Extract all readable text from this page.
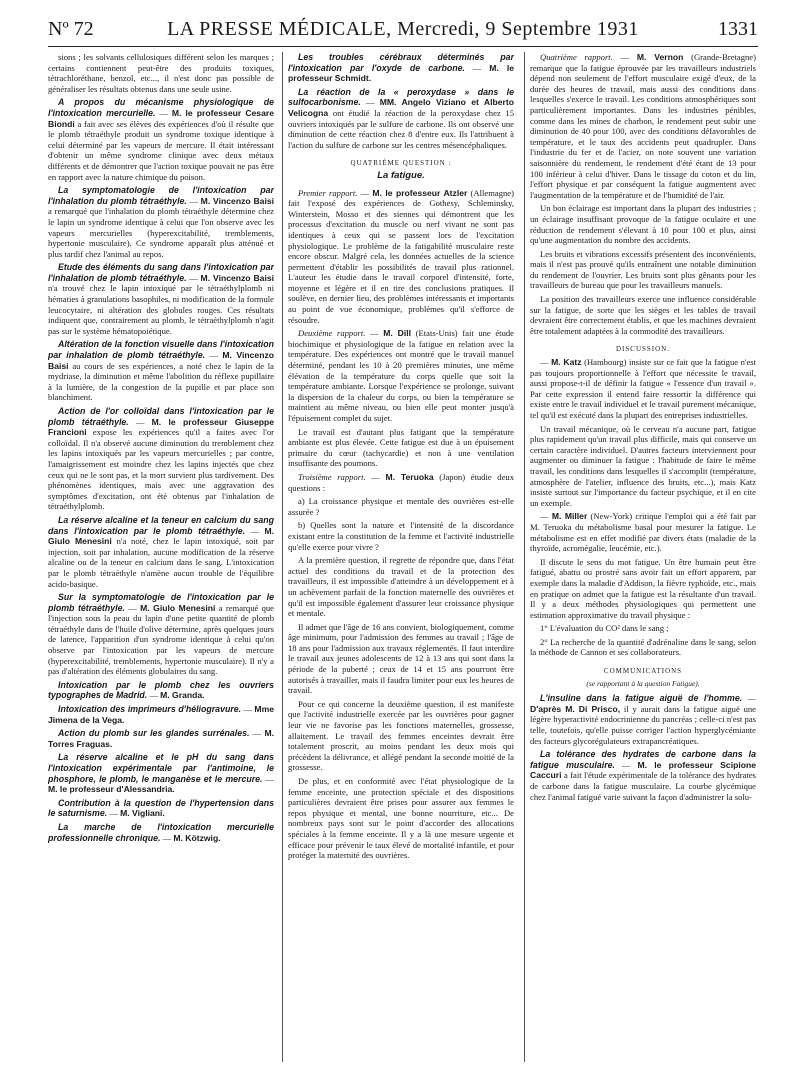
Nº 72	LA PRESSE MÉDICALE, Mercredi, 9 Septembre 1931	1331

sions ; les solvants cellulosiques différent selon les marques ; certains contiennent peut-être des produits toxiques, tétrachloréthane, benzol, etc..., il n'est donc pas possible de généraliser les résultats obtenus dans une seule usine.

A propos du mécanisme physiologique de l'intoxication mercurielle. — M. le professeur Cesare Biondi a fait avec ses élèves des expériences d'où il résulte que le plomb tétraéthyle produit un syndrome toxique identique à celui déterminé par les vapeurs de mercure. Il était intéressant d'obtenir un même syndrome clinique avec deux métaux différents et de démontrer que l'action toxique pouvait ne pas être en rapport avec la nature chimique du poison.

La symptomatologie de l'intoxication par l'inhalation du plomb tétraéthyle. — M. Vincenzo Baisi a remarqué que l'inhalation du plomb tétraéthyle détermine chez le lapin un syndrome identique à celui que l'on observe avec les vapeurs mercurielles (hyperexcitabilité, tremblements, hypertonie musculaire). Ce syndrome apparaît plus atténué et plus tardif chez l'animal au repos.

Etude des éléments du sang dans l'intoxication par l'inhalation de plomb tétraéthyle. — M. Vincenzo Baisi n'a trouvé chez le lapin intoxiqué par le tétraéthylplomb ni hématies à granulations basophiles, ni modification de la formule leucocytaire, ni altération des globules rouges. Ces résultats indiquent que, contrairement au plomb, le tétraéthylplomb n'agit pas sur le système hématopoiétique.

Altération de la fonction visuelle dans l'intoxication par inhalation de plomb tétraéthyle. — M. Vincenzo Baisi au cours de ses expériences, a noté chez le lapin de la mydriase, la diminution et même l'abolition du réflexe pupillaire à la lumière, de la congestion de la pupille et par place son blanchiment.

Action de l'or colloïdal dans l'intoxication par le plomb tétraéthyle. — M. le professeur Giuseppe Francioni expose les expériences qu'il a faites avec l'or colloïdal. Il n'a observé aucune diminution du tremblement chez les lapins intoxiqués par les vapeurs mercurielles ; par contre, l'amaigrissement est moindre chez les lapins injectés que chez ceux qui ne le sont pas, et la mort survient plus tardivement. Des phénomènes identiques, mais avec une aggravation des symptômes d'excitation, ont été obtenus par l'inhalation de tétraéthylplomb.

La réserve alcaline et la teneur en calcium du sang dans l'intoxication par le plomb tétraéthyle. — M. Giulo Menesini n'a noté, chez le lapin intoxiqué, soit par injection, soit par inhalation, aucune modification de la réserve alcaline ou de la teneur en calcium dans le sang. L'intoxication par le plomb tétraéthyle n'amène aucun trouble de l'équilibre acido-basique.

Sur la symptomatologie de l'intoxication par le plomb tétraéthyle. — M. Giulo Menesini a remarqué que l'injection sous la peau du lapin d'une petite quantité de plomb tétraéthyle dans de l'huile d'olive détermine, après quelques jours de latence, l'apparition d'un syndrome identique à celui qu'on observe par l'intoxication par les vapeurs de mercure (hyperexcitabilité, tremblements, hypertonie musculaire). Il n'y a pas d'altération des éléments globulaires du sang.

Intoxication par le plomb chez les ouvriers typographes de Madrid. — M. Granda.

Intoxication des imprimeurs d'héliogravure. — Mme Jimena de la Vega.

Action du plomb sur les glandes surrénales. — M. Torres Fraguas.

La réserve alcaline et le pH du sang dans l'intoxication expérimentale par l'antimoine, le phosphore, le plomb, le manganèse et le mercure. — M. le professeur d'Alessandria.

Contribution à la question de l'hypertension dans le saturnisme. — M. Vigliani.

La marche de l'intoxication mercurielle professionnelle chronique. — M. Kötzwig.

Les troubles cérébraux déterminés par l'intoxication par l'oxyde de carbone. — M. le professeur Schmidt.

La réaction de la « peroxydase » dans le sulfocarbonisme. — MM. Angelo Viziano et Alberto Velicogna ont étudié la réaction de la peroxydase chez 15 ouvriers intoxiqués par le sulfure de carbone. Ils ont observé une diminution de cette réaction chez 8 d'entre eux. Ils l'attribuent à l'action du sulfure de carbone sur les centres mésencéphaliques.

QUATRIÈME QUESTION :

La fatigue.

Premier rapport. — M. le professeur Atzler (Allemagne) fait l'exposé des expériences de Gothesy, Schleminsky, Winterstein, Mosso et des siennes qui démontrent que les processus d'excitation du muscle ou nerf vivant ne sont pas identiques à ceux qui se passent lors de l'excitation physiologique. Le problème de la fatigabilité musculaire reste encore obscur. Malgré cela, les données actuelles de la science permettent d'établir les possibilités de travail plus rationnel. L'auteur les étudie dans le travail corporel d'intensité, forte, moyenne et légère et il en tire des conclusions pratiques. Il soulève, en dernier lieu, des problèmes intéressants et importants au point de vue économique, problèmes qu'il s'efforce de résoudre.

Deuxième rapport. — M. Dill (Etats-Unis) fait une étude biochimique et physiologique de la fatigue en relation avec la température. Des expériences ont montré que le travail manuel déterminé, pendant les 10 à 20 premières minutes, une même élévation de la température du corps quelle que soit la température ambiante. Lorsque l'expérience se prolonge, suivant la dispersion de la chaleur du corps, ou bien la température se maintient au même niveau, ou bien elle peut monter jusqu'à l'épuisement complet du sujet.

Le travail est d'autant plus fatigant que la température ambiante est plus élevée. Cette fatigue est due à un épuisement primaire du cœur (tachycardie) et non à une ventilation insuffisante des poumons.

Troisième rapport. — M. Teruoka (Japon) étudie deux questions :

a) La croissance physique et mentale des ouvrières est-elle assurée ?

b) Quelles sont la nature et l'intensité de la discordance existant entre la constitution de la femme et l'activité industrielle qu'elle exerce pour vivre ?

A la première question, il regrette de répondre que, dans l'état actuel des conditions du travail et de la protection des travailleurs, il est impossible d'atteindre à un développement et à un achèvement parfait de la fonction maternelle des ouvrières et qu'il est impossible également d'assurer leur croissance physique et mentale.

Il admet que l'âge de 16 ans convient, biologiquement, comme âge minimum, pour l'admission des femmes au travail ; l'âge de 18 ans pour l'admission aux travaux réglementés. Il faut interdire le travail aux jeunes adolescents de 12 à 13 ans qui sont dans la période de la puberté ; ceux de 14 et 15 ans pourront être autorisés à travailler, mais il faudra limiter pour eux les heures de travail.

Pour ce qui concerne la deuxième question, il est manifeste que l'activité industrielle exercée par les ouvrières pour gagner leur vie ne favorise pas les fonctions maternelles, grossesse, allaitement. Le travail des femmes enceintes devrait être totalement proscrit, au moins pendant les deux mois qui précèdent la délivrance, et allégé pendant la seconde moitié de la grossesse.

De plus, et en conformité avec l'état physiologique de la femme enceinte, une protection spéciale et des dispositions particulières devraient être prises pour assurer aux femmes le repos physique et mental, une bonne nourriture, etc... De nombreux pays sont sur le point d'accorder des allocations spéciales à la femme enceinte. Il y a là une mesure urgente et efficace pour prévenir le taux élevé de mortalité infantile, et pour protéger la maternité des ouvrières.

Quatrième rapport. — M. Vernon (Grande-Bretagne) remarque que la fatigue éprouvée par les travailleurs industriels dépend non seulement de l'effort musculaire exigé d'eux, de la durée des heures de travail, mais aussi des conditions dans lesquelles s'exerce le travail. Les conditions atmosphériques sont particulièrement importantes. Dans les industries pénibles, comme dans les mines de charbon, le rendement peut subir une diminution de 40 pour 100, avec des conditions défavorables de température, et le taux des accidents peut quadrupler. Dans l'industrie du fer et de l'acier, on note souvent une variation saisonnière du rendement, le rendement d'été étant de 13 pour 100 inférieur à celui d'hiver. Dans le tissage du coton et du lin, l'effort physique et par conséquent la fatigue augmentent avec l'augmentation de la température et de l'humidité de l'air.

Un bon éclairage est important dans la plupart des industries ; un éclairage insuffisant provoque de la fatigue oculaire et une réduction de rendement s'élevant à 10 pour 100 et plus, ainsi qu'une augmentation du nombre des accidents.

Les bruits et vibrations excessifs présentent des inconvénients, mais il n'est pas prouvé qu'ils entraînent une notable diminution du rendement de l'ouvrier. Les bruits sont plus gênants pour les travailleurs de bureau que pour les travailleurs manuels.

La position des travailleurs exerce une influence considérable sur la fatigue, de sorte que les sièges et les tables de travail devraient être correctement établis, et que les machines devraient être totalement adaptées à la commodité des travailleurs.

DISCUSSION.

— M. Katz (Hambourg) insiste sur ce fait que la fatigue n'est pas toujours proportionnelle à l'effort que nécessite le travail, aussi propose-t-il de définir la fatigue « l'essence d'un travail ». Par cette expression il entend faire ressortir la différence qui existe entre le travail individuel et le travail purement mécanique, tel qu'il est exécuté dans la plupart des entreprises industrielles.

Un travail mécanique, où le cerveau n'a aucune part, fatigue plus rapidement qu'un travail plus difficile, mais qui conserve un certain caractère individuel. D'autres facteurs interviennent pour augmenter ou diminuer la fatigue : l'habitude de faire le même travail, les conditions dans lesquelles il s'accomplit (température, atmosphère de l'atelier, influence des bruits, etc...), mais Katz insiste surtout sur l'importance du facteur psychique, et il en cite un exemple.

— M. Miller (New-York) critique l'emploi qui a été fait par M. Teruoka du métabolisme basal pour mesurer la fatigue. Le métabolisme est en effet modifié par divers états (maladie de la thyroïde, acromégalie, leucémie, etc.).

Il discute le sens du mot fatigue. Un être humain peut être fatigué, abattu ou prostré sans avoir fait un effort apparent, par exemple dans la maladie d'Addison, la fièvre typhoïde, etc., mais en pratique on admet que la fatigue est la résultante d'un travail. Il y a deux méthodes physiologiques qui permettent une estimation approximative du travail physique :

1° L'évaluation du CO² dans le sang ;

2° La recherche de la quantité d'adrénaline dans le sang, selon la méthode de Cannon et ses collaborateurs.

COMMUNICATIONS

(se rapportant à la question Fatigue).

L'insuline dans la fatigue aiguë de l'homme. — D'après M. Di Prisco, il y aurait dans la fatigue aiguë une légère hyperactivité endocrinienne du pancréas ; celle-ci n'est pas telle, toutefois, qu'elle puisse corriger l'action hyperglycémiante des facteurs glycorégulateurs extrapancréatiques.

La tolérance des hydrates de carbone dans la fatigue musculaire. — M. le professeur Scipione Caccuri a fait l'étude expérimentale de la tolérance des hydrates de carbone dans la fatigue musculaire. La courbe glycémique chez l'animal fatigué varie suivant la façon d'administrer la solu-
